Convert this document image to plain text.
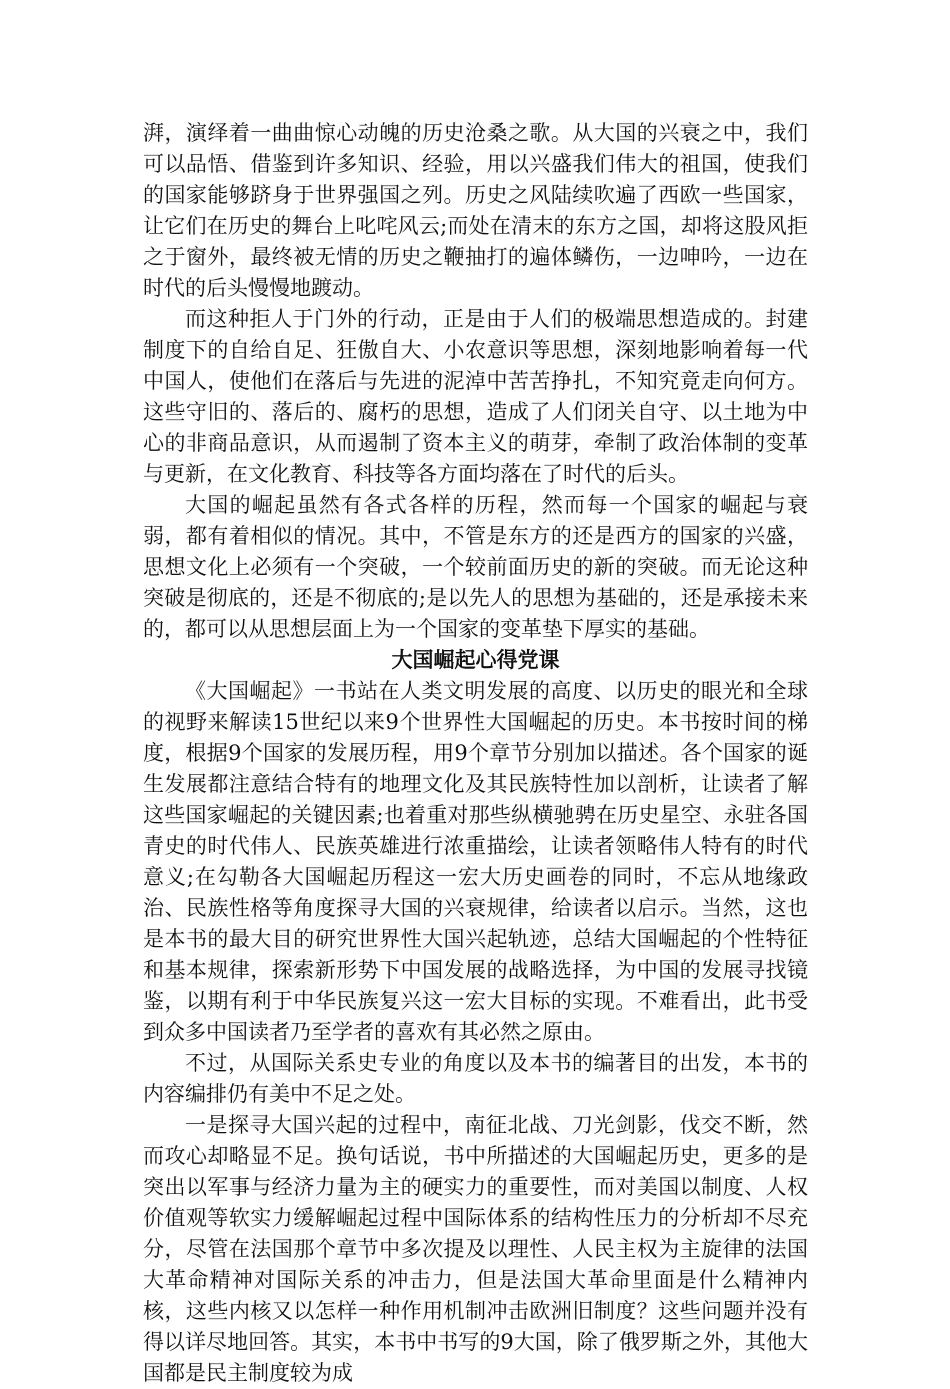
湃，演绎着一曲曲惊心动魄的历史沧桑之歌。从大国的兴衰之中，我们可以品悟、借鉴到许多知识、经验，用以兴盛我们伟大的祖国，使我们的国家能够跻身于世界强国之列。历史之风陆续吹遍了西欧一些国家，让它们在历史的舞台上叱咤风云;而处在清末的东方之国，却将这股风拒之于窗外，最终被无情的历史之鞭抽打的遍体鳞伤，一边呻吟，一边在时代的后头慢慢地踱动。

而这种拒人于门外的行动，正是由于人们的极端思想造成的。封建制度下的自给自足、狂傲自大、小农意识等思想，深刻地影响着每一代中国人，使他们在落后与先进的泥淖中苦苦挣扎，不知究竟走向何方。这些守旧的、落后的、腐朽的思想，造成了人们闭关自守、以土地为中心的非商品意识，从而遏制了资本主义的萌芽，牵制了政治体制的变革与更新，在文化教育、科技等各方面均落在了时代的后头。

大国的崛起虽然有各式各样的历程，然而每一个国家的崛起与衰弱，都有着相似的情况。其中，不管是东方的还是西方的国家的兴盛，思想文化上必须有一个突破，一个较前面历史的新的突破。而无论这种突破是彻底的，还是不彻底的;是以先人的思想为基础的，还是承接未来的，都可以从思想层面上为一个国家的变革垫下厚实的基础。

大国崛起心得党课

《大国崛起》一书站在人类文明发展的高度、以历史的眼光和全球的视野来解读15世纪以来9个世界性大国崛起的历史。本书按时间的梯度，根据9个国家的发展历程，用9个章节分别加以描述。各个国家的诞生发展都注意结合特有的地理文化及其民族特性加以剖析，让读者了解这些国家崛起的关键因素;也着重对那些纵横驰骋在历史星空、永驻各国青史的时代伟人、民族英雄进行浓重描绘，让读者领略伟人特有的时代意义;在勾勒各大国崛起历程这一宏大历史画卷的同时，不忘从地缘政治、民族性格等角度探寻大国的兴衰规律，给读者以启示。当然，这也是本书的最大目的研究世界性大国兴起轨迹，总结大国崛起的个性特征和基本规律，探索新形势下中国发展的战略选择，为中国的发展寻找镜鉴，以期有利于中华民族复兴这一宏大目标的实现。不难看出，此书受到众多中国读者乃至学者的喜欢有其必然之原由。

不过，从国际关系史专业的角度以及本书的编著目的出发，本书的内容编排仍有美中不足之处。

一是探寻大国兴起的过程中，南征北战、刀光剑影，伐交不断，然而攻心却略显不足。换句话说，书中所描述的大国崛起历史，更多的是突出以军事与经济力量为主的硬实力的重要性，而对美国以制度、人权价值观等软实力缓解崛起过程中国际体系的结构性压力的分析却不尽充分，尽管在法国那个章节中多次提及以理性、人民主权为主旋律的法国大革命精神对国际关系的冲击力，但是法国大革命里面是什么精神内核，这些内核又以怎样一种作用机制冲击欧洲旧制度？这些问题并没有得以详尽地回答。其实，本书中书写的9大国，除了俄罗斯之外，其他大国都是民主制度较为成
